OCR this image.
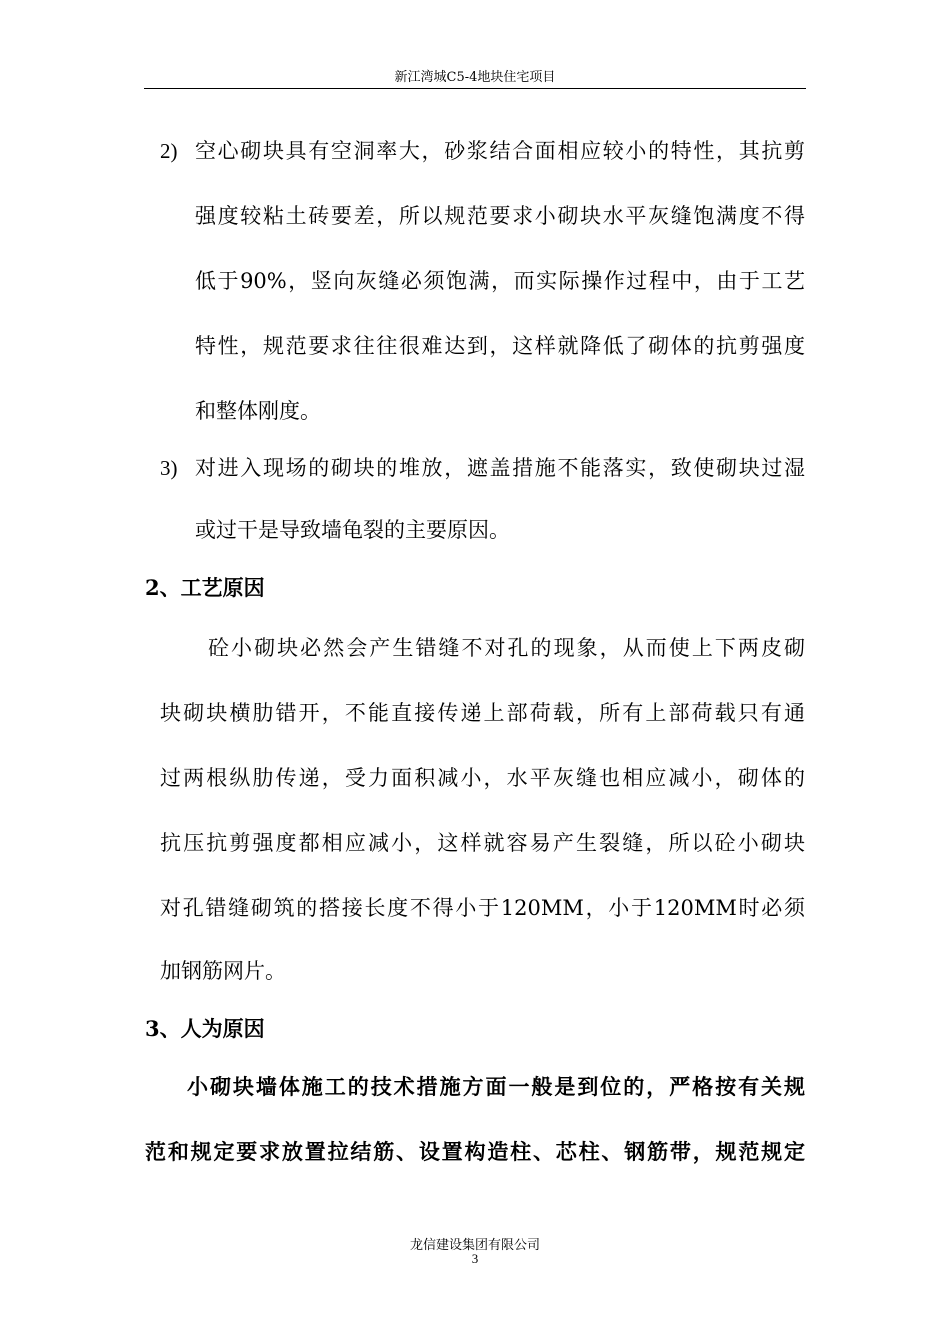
新江湾城C5-4地块住宅项目
2) 空心砌块具有空洞率大，砂浆结合面相应较小的特性，其抗剪
强度较粘土砖要差，所以规范要求小砌块水平灰缝饱满度不得
低于90%，竖向灰缝必须饱满，而实际操作过程中，由于工艺
特性，规范要求往往很难达到，这样就降低了砌体的抗剪强度
和整体刚度。
3) 对进入现场的砌块的堆放，遮盖措施不能落实，致使砌块过湿
或过干是导致墙龟裂的主要原因。
2、工艺原因
砼小砌块必然会产生错缝不对孔的现象，从而使上下两皮砌
块砌块横肋错开，不能直接传递上部荷载，所有上部荷载只有通
过两根纵肋传递，受力面积减小，水平灰缝也相应减小，砌体的
抗压抗剪强度都相应减小，这样就容易产生裂缝，所以砼小砌块
对孔错缝砌筑的搭接长度不得小于120MM，小于120MM时必须
加钢筋网片。
3、人为原因
小砌块墙体施工的技术措施方面一般是到位的，严格按有关规
范和规定要求放置拉结筋、设置构造柱、芯柱、钢筋带，规范规定
龙信建设集团有限公司
3
